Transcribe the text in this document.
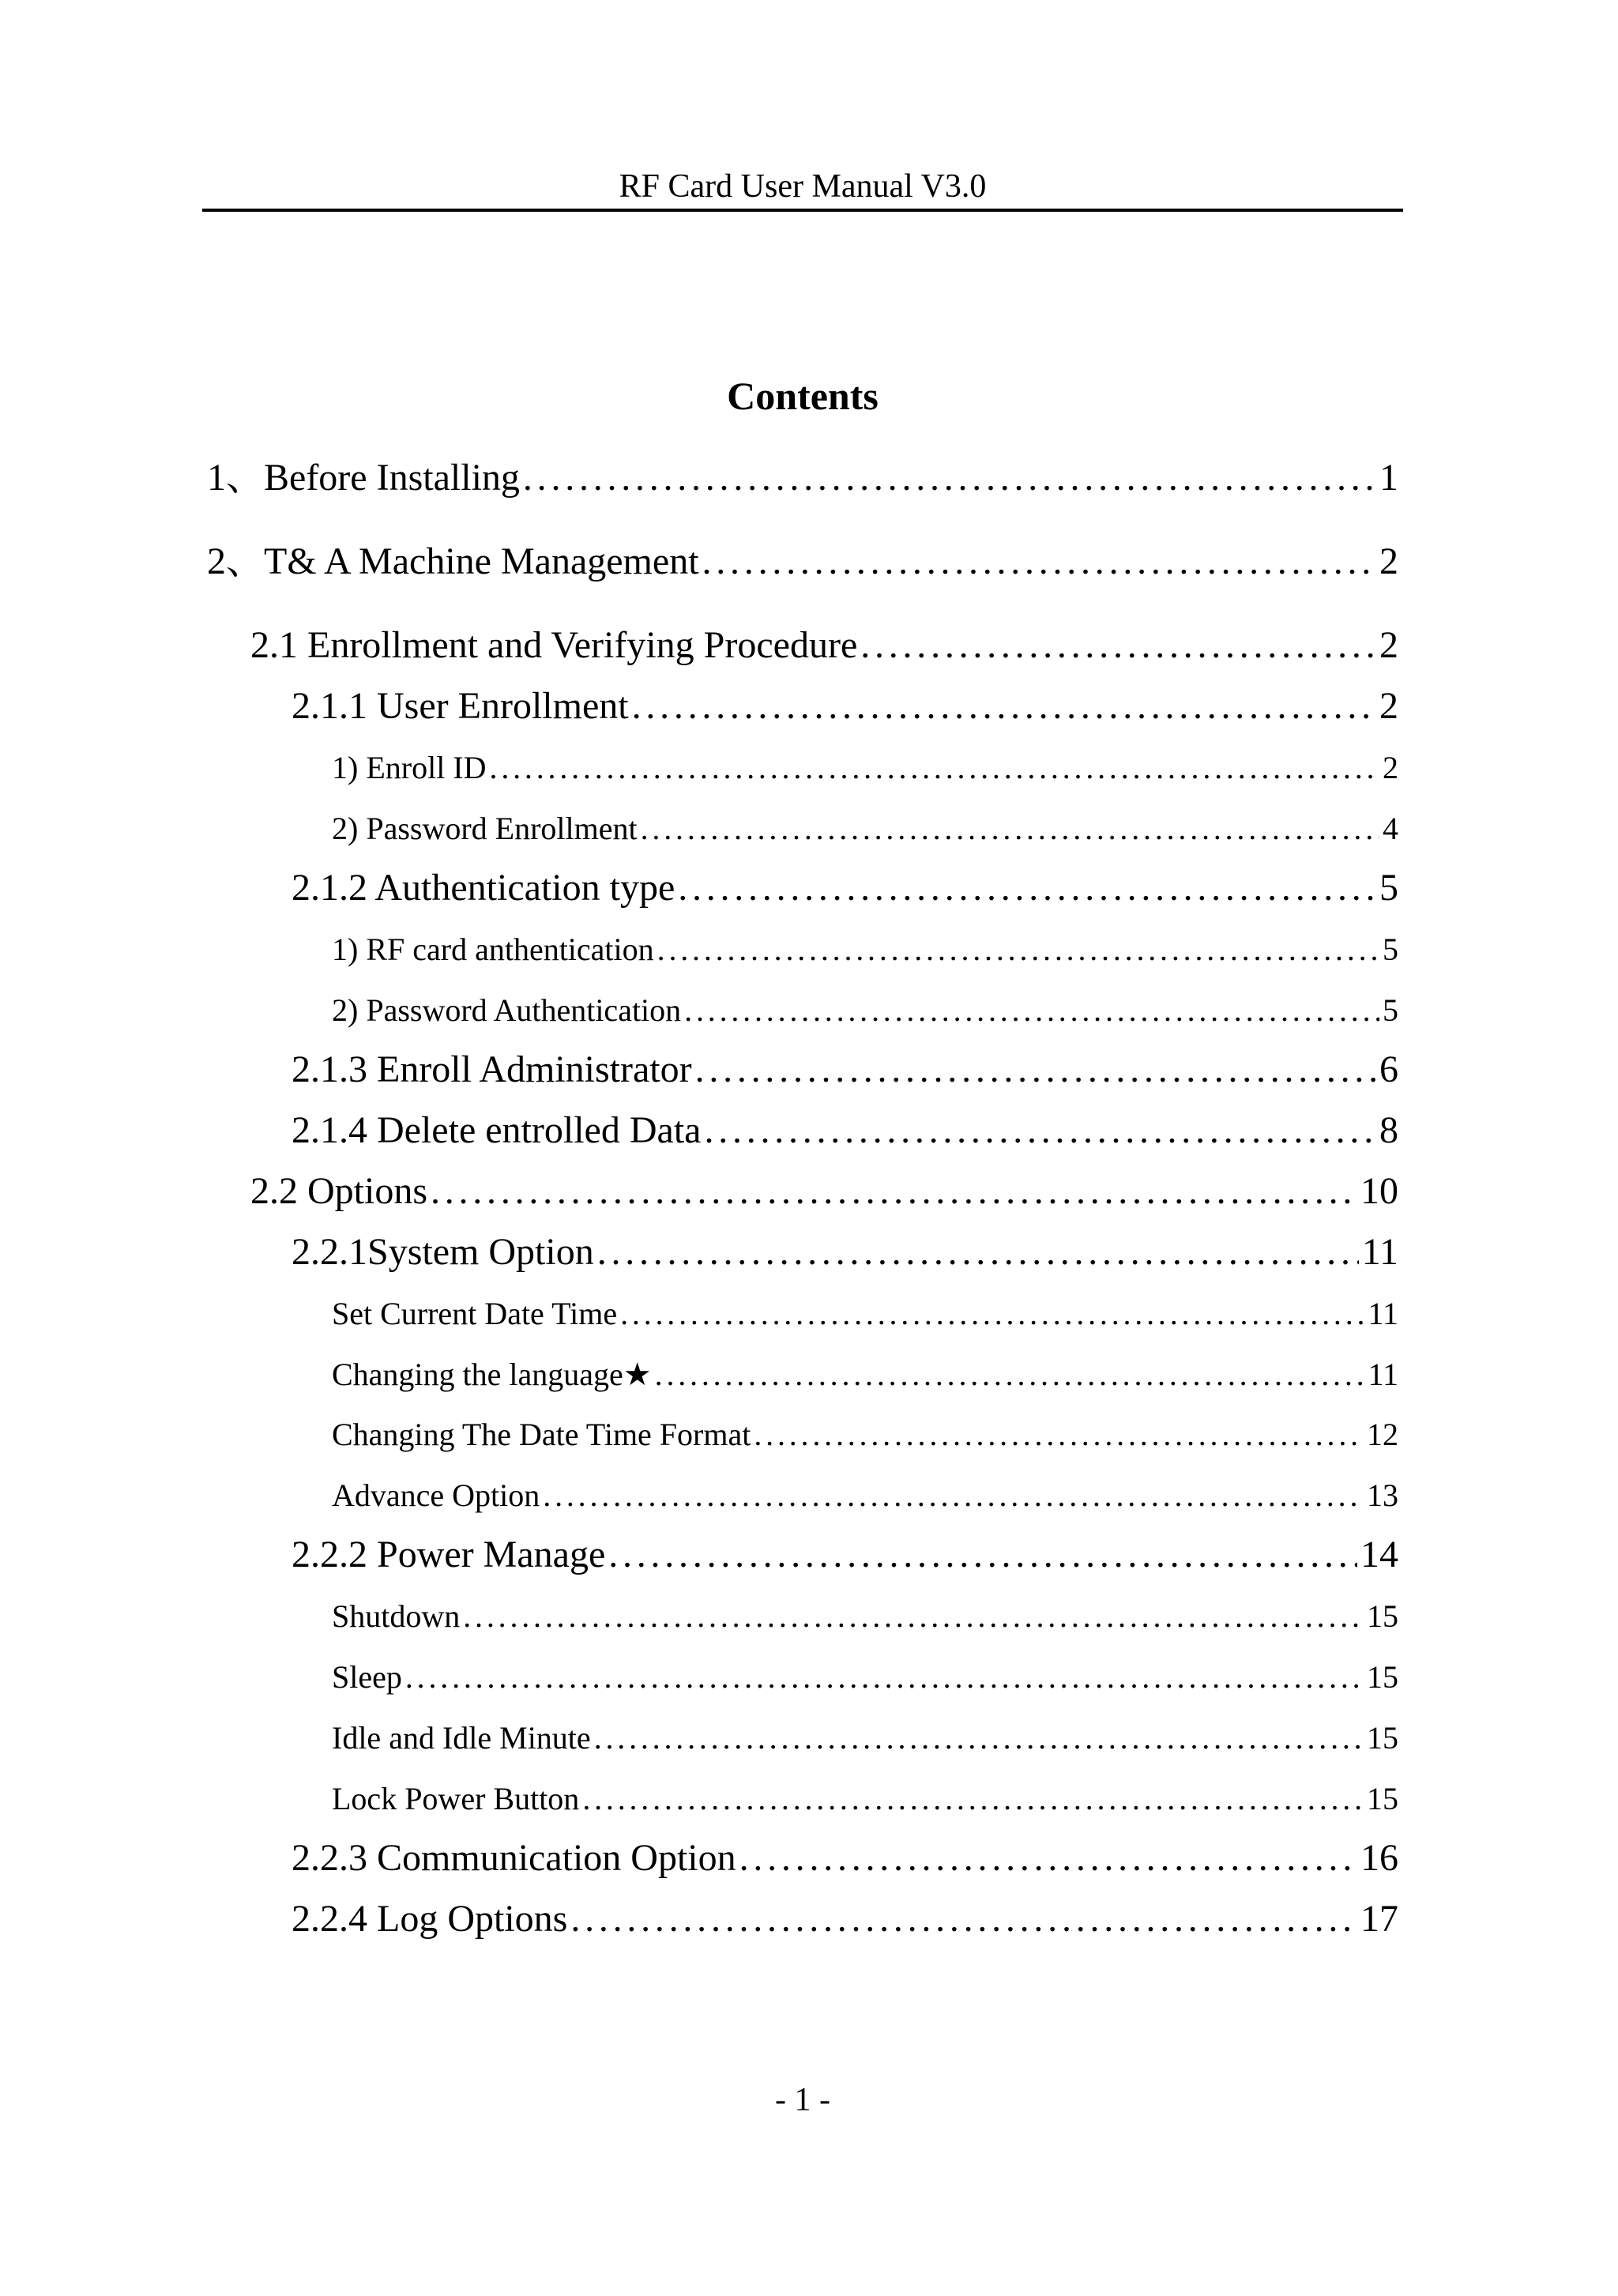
RF Card User Manual V3.0
Contents
1、Before Installing .....	1
2、T& A Machine Management .....	2
2.1 Enrollment and Verifying Procedure .....	2
2.1.1 User Enrollment .....	2
1) Enroll ID .....	2
2) Password Enrollment .....	4
2.1.2 Authentication type .....	5
1) RF card anthentication .....	5
2) Password Authentication .....	5
2.1.3 Enroll Administrator .....	6
2.1.4 Delete entrolled Data .....	8
2.2 Options .....	10
2.2.1System Option .....	11
Set Current Date Time .....	11
Changing the language★ .....	11
Changing The Date Time Format .....	12
Advance Option .....	13
2.2.2 Power Manage .....	14
Shutdown .....	15
Sleep .....	15
Idle and Idle Minute .....	15
Lock Power Button .....	15
2.2.3 Communication Option .....	16
2.2.4 Log Options .....	17
- 1 -
